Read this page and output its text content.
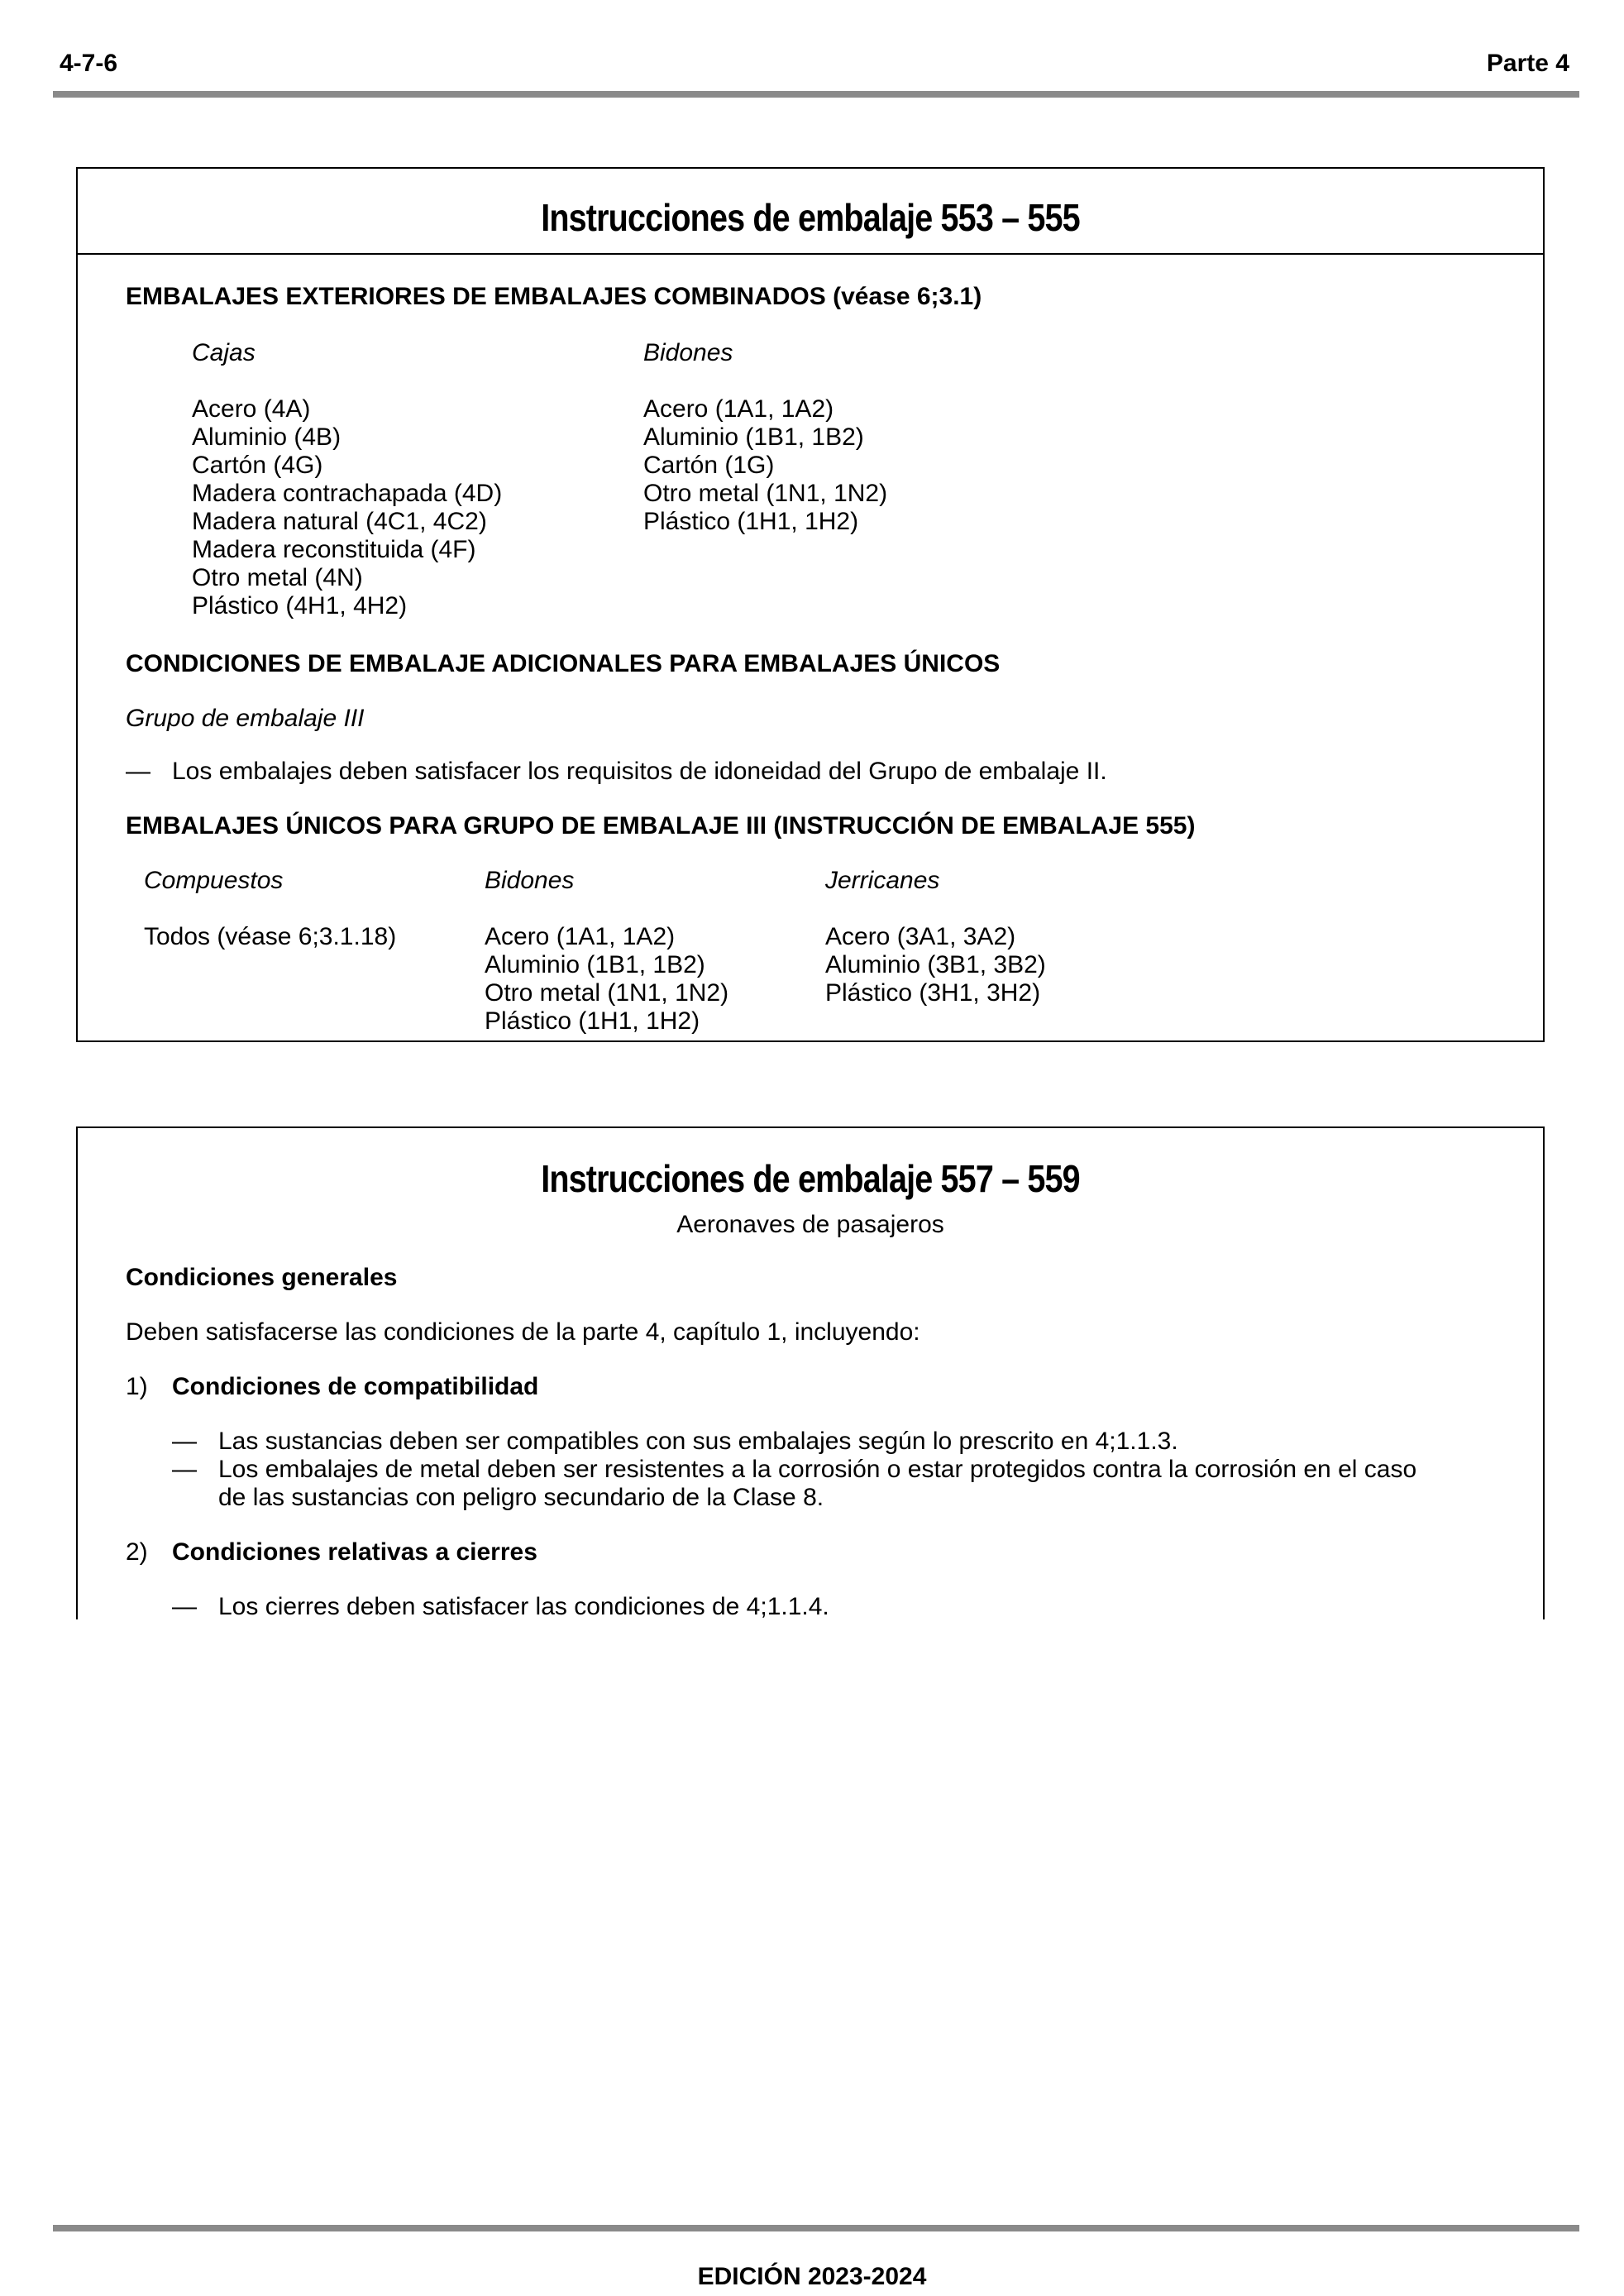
4-7-6	Parte 4
Instrucciones de embalaje 553 – 555
EMBALAJES EXTERIORES DE EMBALAJES COMBINADOS (véase 6;3.1)
Cajas
Acero (4A)
Aluminio (4B)
Cartón (4G)
Madera contrachapada (4D)
Madera natural (4C1, 4C2)
Madera reconstituida (4F)
Otro metal (4N)
Plástico (4H1, 4H2)
Bidones
Acero (1A1, 1A2)
Aluminio (1B1, 1B2)
Cartón (1G)
Otro metal (1N1, 1N2)
Plástico (1H1, 1H2)
CONDICIONES DE EMBALAJE ADICIONALES PARA EMBALAJES ÚNICOS
Grupo de embalaje III
— Los embalajes deben satisfacer los requisitos de idoneidad del Grupo de embalaje II.
EMBALAJES ÚNICOS PARA GRUPO DE EMBALAJE III (INSTRUCCIÓN DE EMBALAJE 555)
Compuestos
Todos (véase 6;3.1.18)
Bidones
Acero (1A1, 1A2)
Aluminio (1B1, 1B2)
Otro metal (1N1, 1N2)
Plástico (1H1, 1H2)
Jerricanes
Acero (3A1, 3A2)
Aluminio (3B1, 3B2)
Plástico (3H1, 3H2)
Instrucciones de embalaje 557 – 559
Aeronaves de pasajeros
Condiciones generales
Deben satisfacerse las condiciones de la parte 4, capítulo 1, incluyendo:
1) Condiciones de compatibilidad
— Las sustancias deben ser compatibles con sus embalajes según lo prescrito en 4;1.1.3.
— Los embalajes de metal deben ser resistentes a la corrosión o estar protegidos contra la corrosión en el caso
de las sustancias con peligro secundario de la Clase 8.
2) Condiciones relativas a cierres
— Los cierres deben satisfacer las condiciones de 4;1.1.4.
EDICIÓN 2023-2024
